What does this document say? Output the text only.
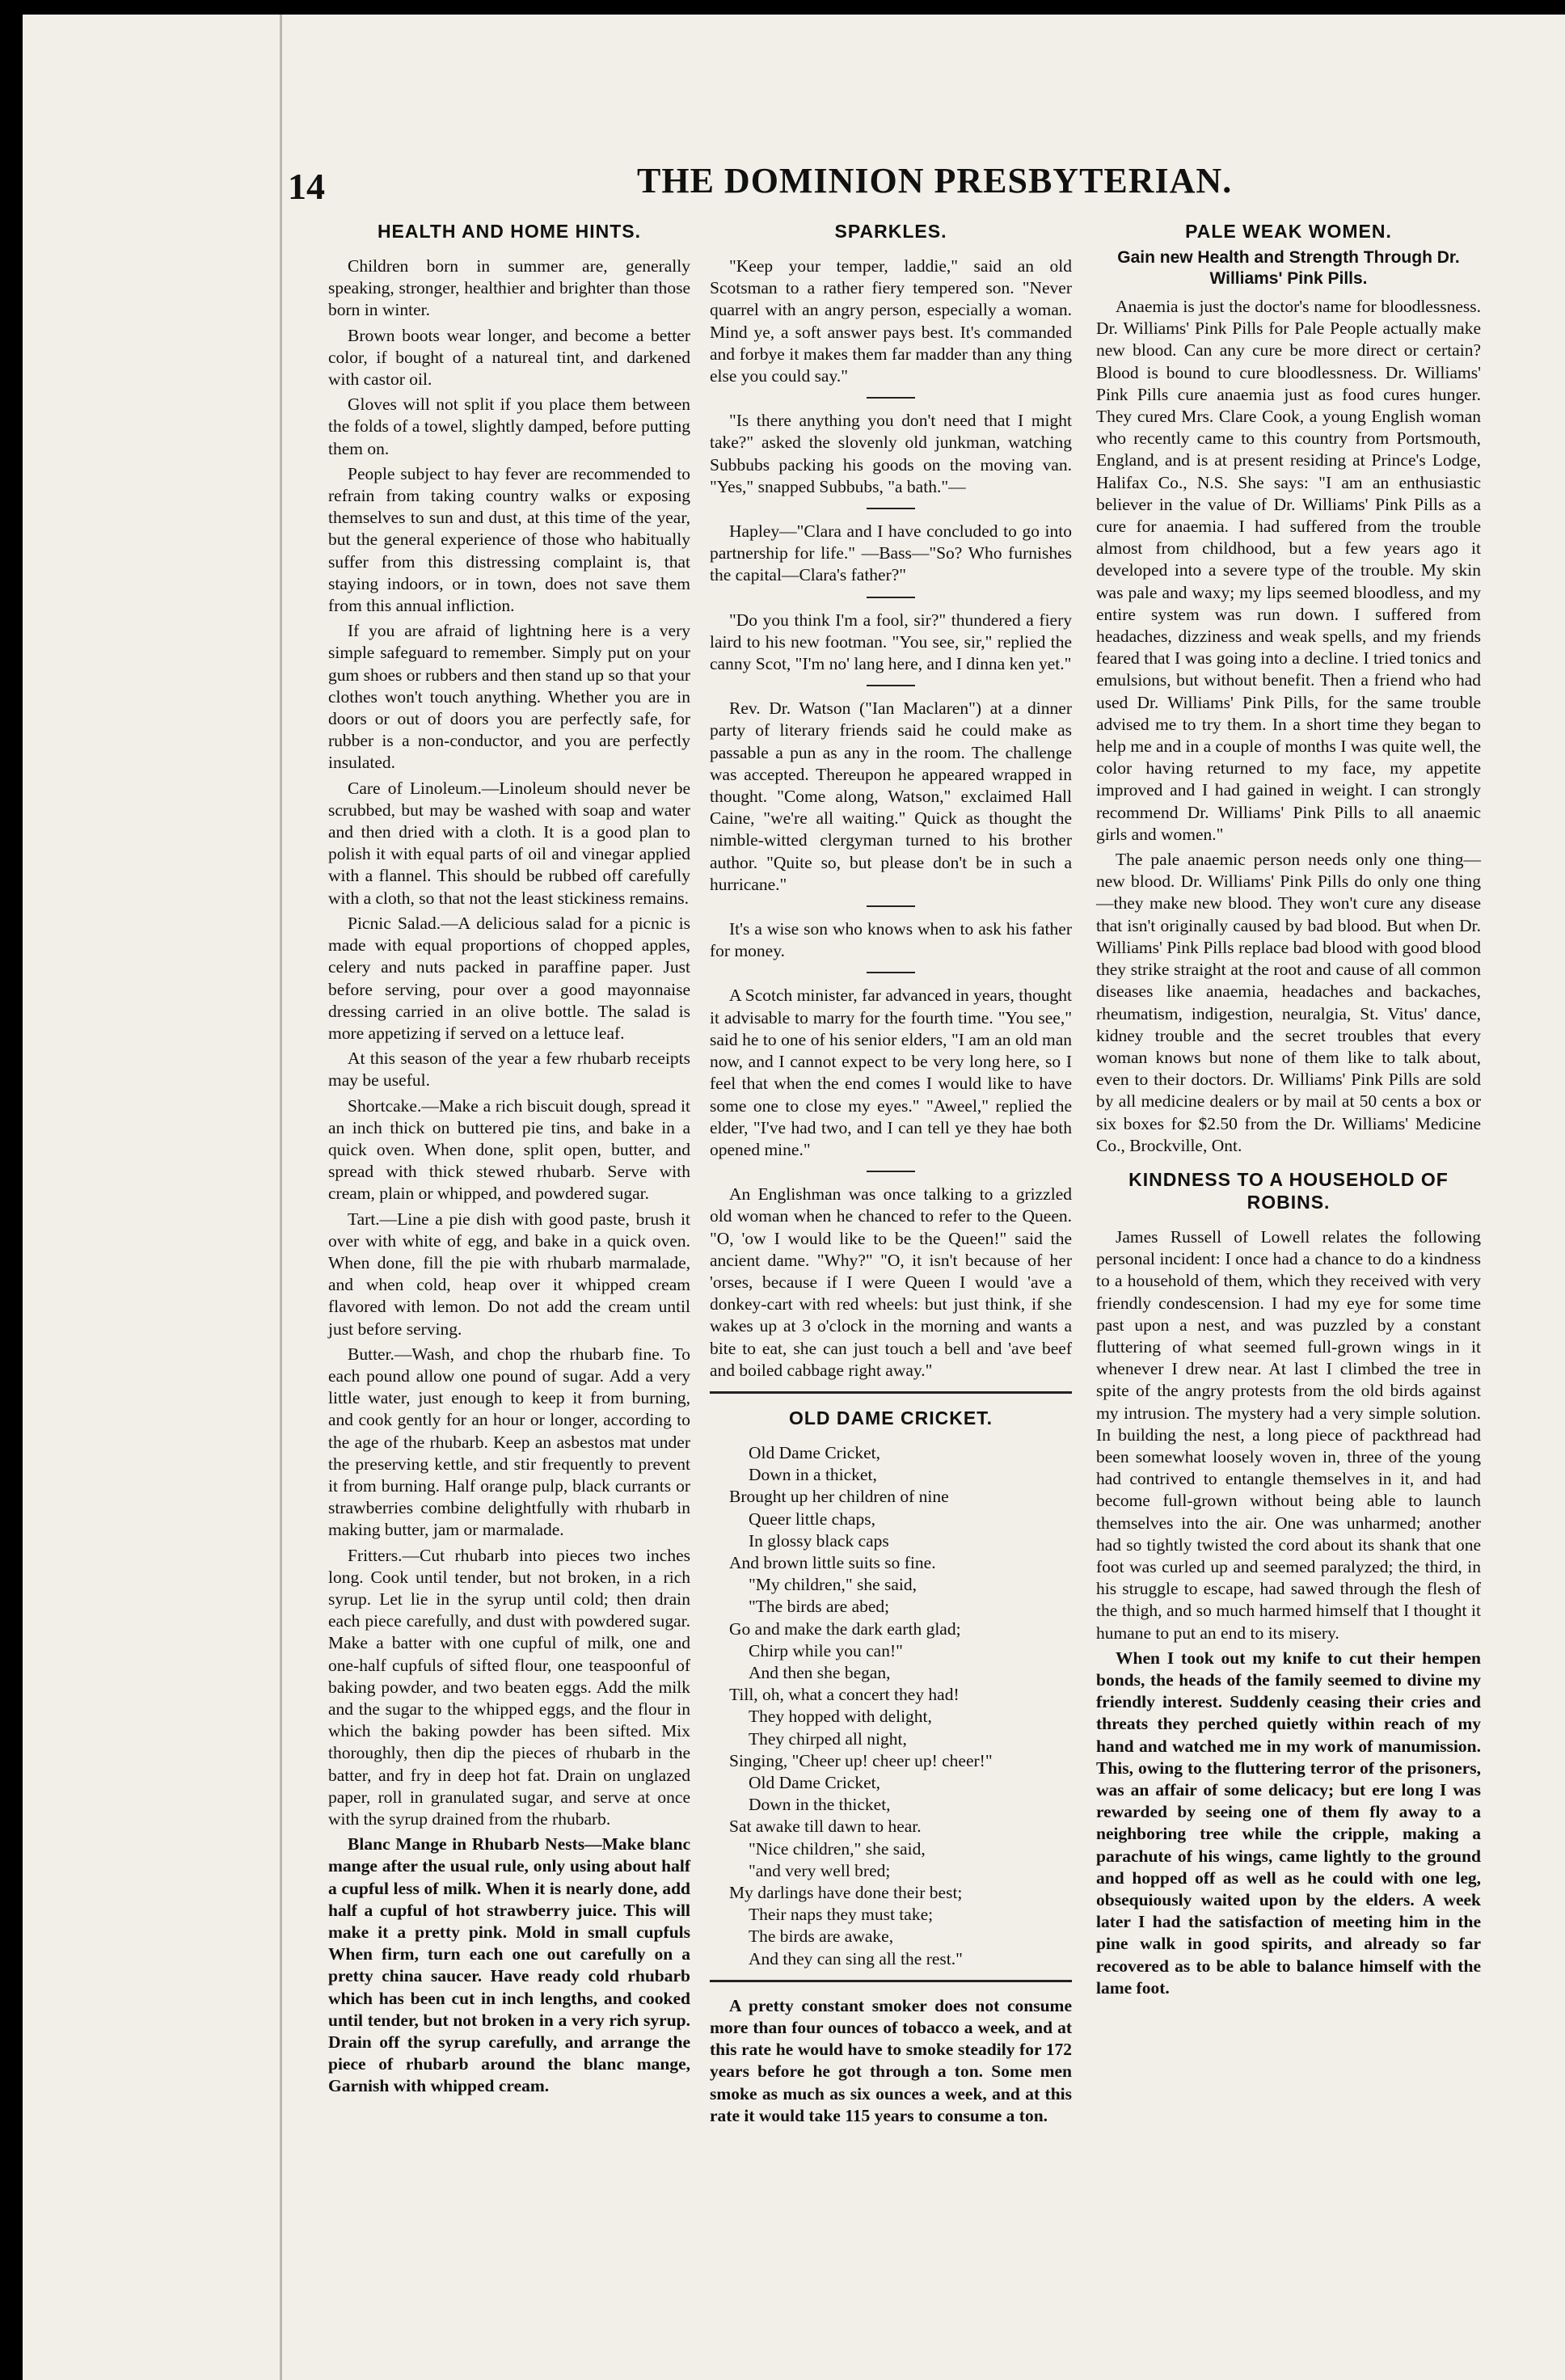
14	THE DOMINION PRESBYTERIAN.
HEALTH AND HOME HINTS.

Children born in summer are, generally speaking, stronger, healthier and brighter than those born in winter.

Brown boots wear longer, and become a better color, if bought of a natureal tint, and darkened with castor oil.

Gloves will not split if you place them between the folds of a towel, slightly damped, before putting them on.

People subject to hay fever are recommended to refrain from taking country walks or exposing themselves to sun and dust, at this time of the year, but the general experience of those who habitually suffer from this distressing complaint is, that staying indoors, or in town, does not save them from this annual infliction.

If you are afraid of lightning here is a very simple safeguard to remember. Simply put on your gum shoes or rubbers and then stand up so that your clothes won't touch anything. Whether you are in doors or out of doors you are perfectly safe, for rubber is a non-conductor, and you are perfectly insulated.

Care of Linoleum.—Linoleum should never be scrubbed, but may be washed with soap and water and then dried with a cloth. It is a good plan to polish it with equal parts of oil and vinegar applied with a flannel. This should be rubbed off carefully with a cloth, so that not the least stickiness remains.

Picnic Salad.—A delicious salad for a picnic is made with equal proportions of chopped apples, celery and nuts packed in paraffine paper. Just before serving, pour over a good mayonnaise dressing carried in an olive bottle. The salad is more appetizing if served on a lettuce leaf.

At this season of the year a few rhubarb receipts may be useful.

Shortcake.—Make a rich biscuit dough, spread it an inch thick on buttered pie tins, and bake in a quick oven. When done, split open, butter, and spread with thick stewed rhubarb. Serve with cream, plain or whipped, and powdered sugar.

Tart.—Line a pie dish with good paste, brush it over with white of egg, and bake in a quick oven. When done, fill the pie with rhubarb marmalade, and when cold, heap over it whipped cream flavored with lemon. Do not add the cream until just before serving.

Butter.—Wash, and chop the rhubarb fine. To each pound allow one pound of sugar. Add a very little water, just enough to keep it from burning, and cook gently for an hour or longer, according to the age of the rhubarb. Keep an asbestos mat under the preserving kettle, and stir frequently to prevent it from burning. Half orange pulp, black currants or strawberries combine delightfully with rhubarb in making butter, jam or marmalade.

Fritters.—Cut rhubarb into pieces two inches long. Cook until tender, but not broken, in a rich syrup. Let lie in the syrup until cold; then drain each piece carefully, and dust with powdered sugar. Make a batter with one cupful of milk, one and one-half cupfuls of sifted flour, one teaspoonful of baking powder, and two beaten eggs. Add the milk and the sugar to the whipped eggs, and the flour in which the baking powder has been sifted. Mix thoroughly, then dip the pieces of rhubarb in the batter, and fry in deep hot fat. Drain on unglazed paper, roll in granulated sugar, and serve at once with the syrup drained from the rhubarb.

Blanc Mange in Rhubarb Nests—Make blanc mange after the usual rule, only using about half a cupful less of milk. When it is nearly done, add half a cupful of hot strawberry juice. This will make it a pretty pink. Mold in small cupfuls When firm, turn each one out carefully on a pretty china saucer. Have ready cold rhubarb which has been cut in inch lengths, and cooked until tender, but not broken in a very rich syrup. Drain off the syrup carefully, and arrange the piece of rhubarb around the blanc mange, Garnish with whipped cream.

SPARKLES.

"Keep your temper, laddie," said an old Scotsman to a rather fiery tempered son. "Never quarrel with an angry person, especially a woman. Mind ye, a soft answer pays best. It's commanded and forbye it makes them far madder than any thing else you could say."

"Is there anything you don't need that I might take?" asked the slovenly old junkman, watching Subbubs packing his goods on the moving van. "Yes," snapped Subbubs, "a bath."—

Hapley—"Clara and I have concluded to go into partnership for life." —Bass—"So? Who furnishes the capital—Clara's father?"

"Do you think I'm a fool, sir?" thundered a fiery laird to his new footman. "You see, sir," replied the canny Scot, "I'm no' lang here, and I dinna ken yet."

Rev. Dr. Watson ("Ian Maclaren") at a dinner party of literary friends said he could make as passable a pun as any in the room. The challenge was accepted. Thereupon he appeared wrapped in thought. "Come along, Watson," exclaimed Hall Caine, "we're all waiting." Quick as thought the nimble-witted clergyman turned to his brother author. "Quite so, but please don't be in such a hurricane."

It's a wise son who knows when to ask his father for money.

A Scotch minister, far advanced in years, thought it advisable to marry for the fourth time. "You see," said he to one of his senior elders, "I am an old man now, and I cannot expect to be very long here, so I feel that when the end comes I would like to have some one to close my eyes." "Aweel," replied the elder, "I've had two, and I can tell ye they hae both opened mine."

An Englishman was once talking to a grizzled old woman when he chanced to refer to the Queen. "O, 'ow I would like to be the Queen!" said the ancient dame. "Why?" "O, it isn't because of her 'orses, because if I were Queen I would 'ave a donkey-cart with red wheels: but just think, if she wakes up at 3 o'clock in the morning and wants a bite to eat, she can just touch a bell and 'ave beef and boiled cabbage right away."

OLD DAME CRICKET.
Old Dame Cricket,
Down in a thicket,
Brought up her children of nine
Queer little chaps,
In glossy black caps
And brown little suits so fine.
"My children," she said,
"The birds are abed;
Go and make the dark earth glad;
Chirp while you can!"
And then she began,
Till, oh, what a concert they had!
They hopped with delight,
They chirped all night,
Singing, "Cheer up! cheer up! cheer!"
Old Dame Cricket,
Down in the thicket,
Sat awake till dawn to hear.
"Nice children," she said,
"and very well bred;
My darlings have done their best;
Their naps they must take;
The birds are awake,
And they can sing all the rest."

A pretty constant smoker does not consume more than four ounces of tobacco a week, and at this rate he would have to smoke steadily for 172 years before he got through a ton. Some men smoke as much as six ounces a week, and at this rate it would take 115 years to consume a ton.

PALE WEAK WOMEN.
Gain new Health and Strength Through Dr. Williams' Pink Pills.

Anaemia is just the doctor's name for bloodlessness. Dr. Williams' Pink Pills for Pale People actually make new blood. Can any cure be more direct or certain? Blood is bound to cure bloodlessness. Dr. Williams' Pink Pills cure anaemia just as food cures hunger. They cured Mrs. Clare Cook, a young English woman who recently came to this country from Portsmouth, England, and is at present residing at Prince's Lodge, Halifax Co., N.S. She says: "I am an enthusiastic believer in the value of Dr. Williams' Pink Pills as a cure for anaemia. I had suffered from the trouble almost from childhood, but a few years ago it developed into a severe type of the trouble. My skin was pale and waxy; my lips seemed bloodless, and my entire system was run down. I suffered from headaches, dizziness and weak spells, and my friends feared that I was going into a decline. I tried tonics and emulsions, but without benefit. Then a friend who had used Dr. Williams' Pink Pills, for the same trouble advised me to try them. In a short time they began to help me and in a couple of months I was quite well, the color having returned to my face, my appetite improved and I had gained in weight. I can strongly recommend Dr. Williams' Pink Pills to all anaemic girls and women."

The pale anaemic person needs only one thing—new blood. Dr. Williams' Pink Pills do only one thing—they make new blood. They won't cure any disease that isn't originally caused by bad blood. But when Dr. Williams' Pink Pills replace bad blood with good blood they strike straight at the root and cause of all common diseases like anaemia, headaches and backaches, rheumatism, indigestion, neuralgia, St. Vitus' dance, kidney trouble and the secret troubles that every woman knows but none of them like to talk about, even to their doctors. Dr. Williams' Pink Pills are sold by all medicine dealers or by mail at 50 cents a box or six boxes for $2.50 from the Dr. Williams' Medicine Co., Brockville, Ont.

KINDNESS TO A HOUSEHOLD OF ROBINS.

James Russell of Lowell relates the following personal incident: I once had a chance to do a kindness to a household of them, which they received with very friendly condescension. I had my eye for some time past upon a nest, and was puzzled by a constant fluttering of what seemed full-grown wings in it whenever I drew near. At last I climbed the tree in spite of the angry protests from the old birds against my intrusion. The mystery had a very simple solution. In building the nest, a long piece of packthread had been somewhat loosely woven in, three of the young had contrived to entangle themselves in it, and had become full-grown without being able to launch themselves into the air. One was unharmed; another had so tightly twisted the cord about its shank that one foot was curled up and seemed paralyzed; the third, in his struggle to escape, had sawed through the flesh of the thigh, and so much harmed himself that I thought it humane to put an end to its misery.

When I took out my knife to cut their hempen bonds, the heads of the family seemed to divine my friendly interest. Suddenly ceasing their cries and threats they perched quietly within reach of my hand and watched me in my work of manumission. This, owing to the fluttering terror of the prisoners, was an affair of some delicacy; but ere long I was rewarded by seeing one of them fly away to a neighboring tree while the cripple, making a parachute of his wings, came lightly to the ground and hopped off as well as he could with one leg, obsequiously waited upon by the elders. A week later I had the satisfaction of meeting him in the pine walk in good spirits, and already so far recovered as to be able to balance himself with the lame foot.
